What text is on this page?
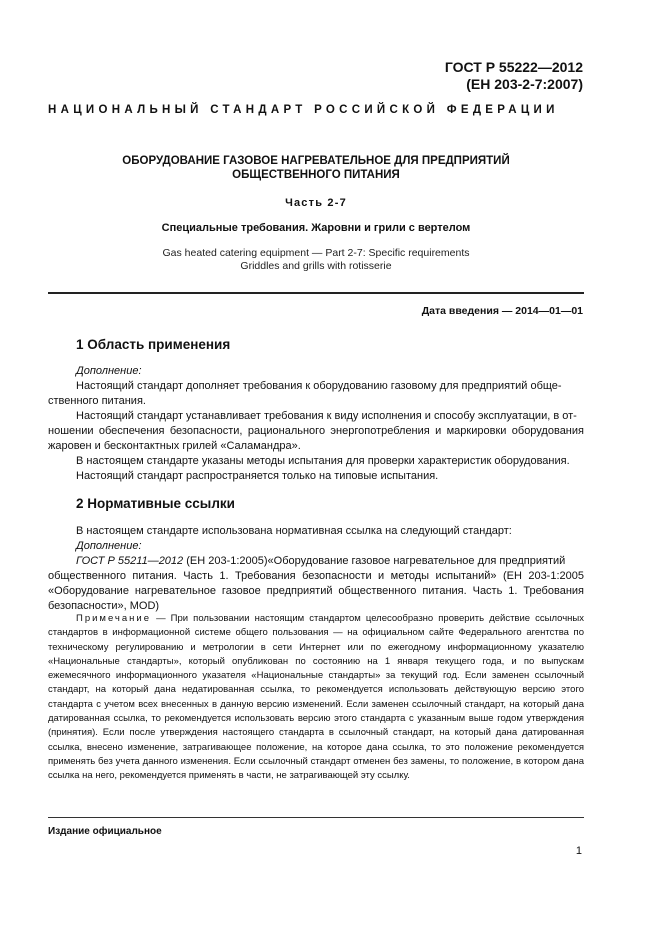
ГОСТ Р 55222—2012
(ЕН 203-2-7:2007)
НАЦИОНАЛЬНЫЙ СТАНДАРТ РОССИЙСКОЙ ФЕДЕРАЦИИ
ОБОРУДОВАНИЕ ГАЗОВОЕ НАГРЕВАТЕЛЬНОЕ ДЛЯ ПРЕДПРИЯТИЙ
ОБЩЕСТВЕННОГО ПИТАНИЯ
Часть 2-7
Специальные требования. Жаровни и грили с вертелом
Gas heated catering equipment — Part 2-7: Specific requirements
Griddles and grills with rotisserie
Дата введения — 2014—01—01
1 Область применения

Дополнение:

Настоящий стандарт дополняет требования к оборудованию газовому для предприятий обще-

ственного питания.

Настоящий стандарт устанавливает требования к виду исполнения и способу эксплуатации, в от-

ношении обеспечения безопасности, рационального энергопотребления и маркировки оборудования жаровен и бесконтактных грилей «Саламандра».

В настоящем стандарте указаны методы испытания для проверки характеристик оборудования.

Настоящий стандарт распространяется только на типовые испытания.

2 Нормативные ссылки

В настоящем стандарте использована нормативная ссылка на следующий стандарт:

Дополнение:

ГОСТ Р 55211—2012 (ЕН 203-1:2005)«Оборудование газовое нагревательное для предприятий

общественного питания. Часть 1. Требования безопасности и методы испытаний» (ЕН 203-1:2005 «Оборудование нагревательное газовое предприятий общественного питания. Часть 1. Требования безопасности», MOD)

Примечание — При пользовании настоящим стандартом целесообразно проверить действие ссылочных стандартов в информационной системе общего пользования — на официальном сайте Федерального агентства по техническому регулированию и метрологии в сети Интернет или по ежегодному информационному указателю «Национальные стандарты», который опубликован по состоянию на 1 января текущего года, и по выпускам ежемесячного информационного указателя «Национальные стандарты» за текущий год. Если заменен ссылочный стандарт, на который дана недатированная ссылка, то рекомендуется использовать действующую версию этого стандарта с учетом всех внесенных в данную версию изменений. Если заменен ссылочный стандарт, на который дана датированная ссылка, то рекомендуется использовать версию этого стандарта с указанным выше годом утверждения (принятия). Если после утверждения настоящего стандарта в ссылочный стандарт, на который дана датированная ссылка, внесено изменение, затрагивающее положение, на которое дана ссылка, то это положение рекомендуется применять без учета данного изменения. Если ссылочный стандарт отменен без замены, то положение, в котором дана ссылка на него, рекомендуется применять в части, не затрагивающей эту ссылку.

Издание официальное
1
